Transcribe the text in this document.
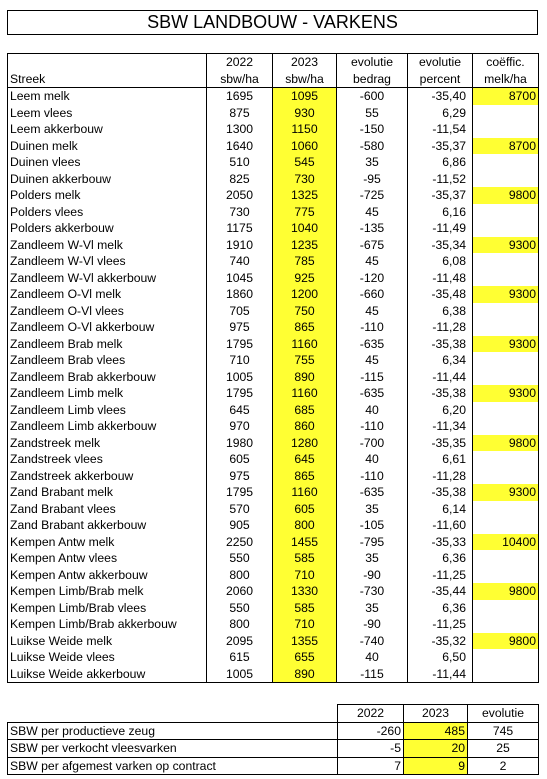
SBW LANDBOUW - VARKENS
	2022	2023	evolutie	evolutie	coëffic.
Streek	sbw/ha	sbw/ha	bedrag	percent	melk/ha
Leem melk	1695	1095	-600	-35,40	8700
Leem vlees	875	930	55	6,29	
Leem akkerbouw	1300	1150	-150	-11,54	
Duinen melk	1640	1060	-580	-35,37	8700
Duinen vlees	510	545	35	6,86	
Duinen akkerbouw	825	730	-95	-11,52	
Polders melk	2050	1325	-725	-35,37	9800
Polders vlees	730	775	45	6,16	
Polders akkerbouw	1175	1040	-135	-11,49	
Zandleem W-Vl melk	1910	1235	-675	-35,34	9300
Zandleem W-Vl vlees	740	785	45	6,08	
Zandleem W-Vl akkerbouw	1045	925	-120	-11,48	
Zandleem O-Vl melk	1860	1200	-660	-35,48	9300
Zandleem O-Vl vlees	705	750	45	6,38	
Zandleem O-Vl akkerbouw	975	865	-110	-11,28	
Zandleem Brab melk	1795	1160	-635	-35,38	9300
Zandleem Brab vlees	710	755	45	6,34	
Zandleem Brab akkerbouw	1005	890	-115	-11,44	
Zandleem Limb melk	1795	1160	-635	-35,38	9300
Zandleem Limb vlees	645	685	40	6,20	
Zandleem Limb akkerbouw	970	860	-110	-11,34	
Zandstreek melk	1980	1280	-700	-35,35	9800
Zandstreek vlees	605	645	40	6,61	
Zandstreek akkerbouw	975	865	-110	-11,28	
Zand Brabant melk	1795	1160	-635	-35,38	9300
Zand Brabant vlees	570	605	35	6,14	
Zand Brabant akkerbouw	905	800	-105	-11,60	
Kempen Antw melk	2250	1455	-795	-35,33	10400
Kempen Antw vlees	550	585	35	6,36	
Kempen Antw akkerbouw	800	710	-90	-11,25	
Kempen Limb/Brab melk	2060	1330	-730	-35,44	9800
Kempen Limb/Brab vlees	550	585	35	6,36	
Kempen Limb/Brab akkerbouw	800	710	-90	-11,25	
Luikse Weide melk	2095	1355	-740	-35,32	9800
Luikse Weide vlees	615	655	40	6,50	
Luikse Weide akkerbouw	1005	890	-115	-11,44	
	2022	2023	evolutie
SBW per productieve zeug	-260	485	745
SBW per verkocht vleesvarken	-5	20	25
SBW per afgemest varken op contract	7	9	2
